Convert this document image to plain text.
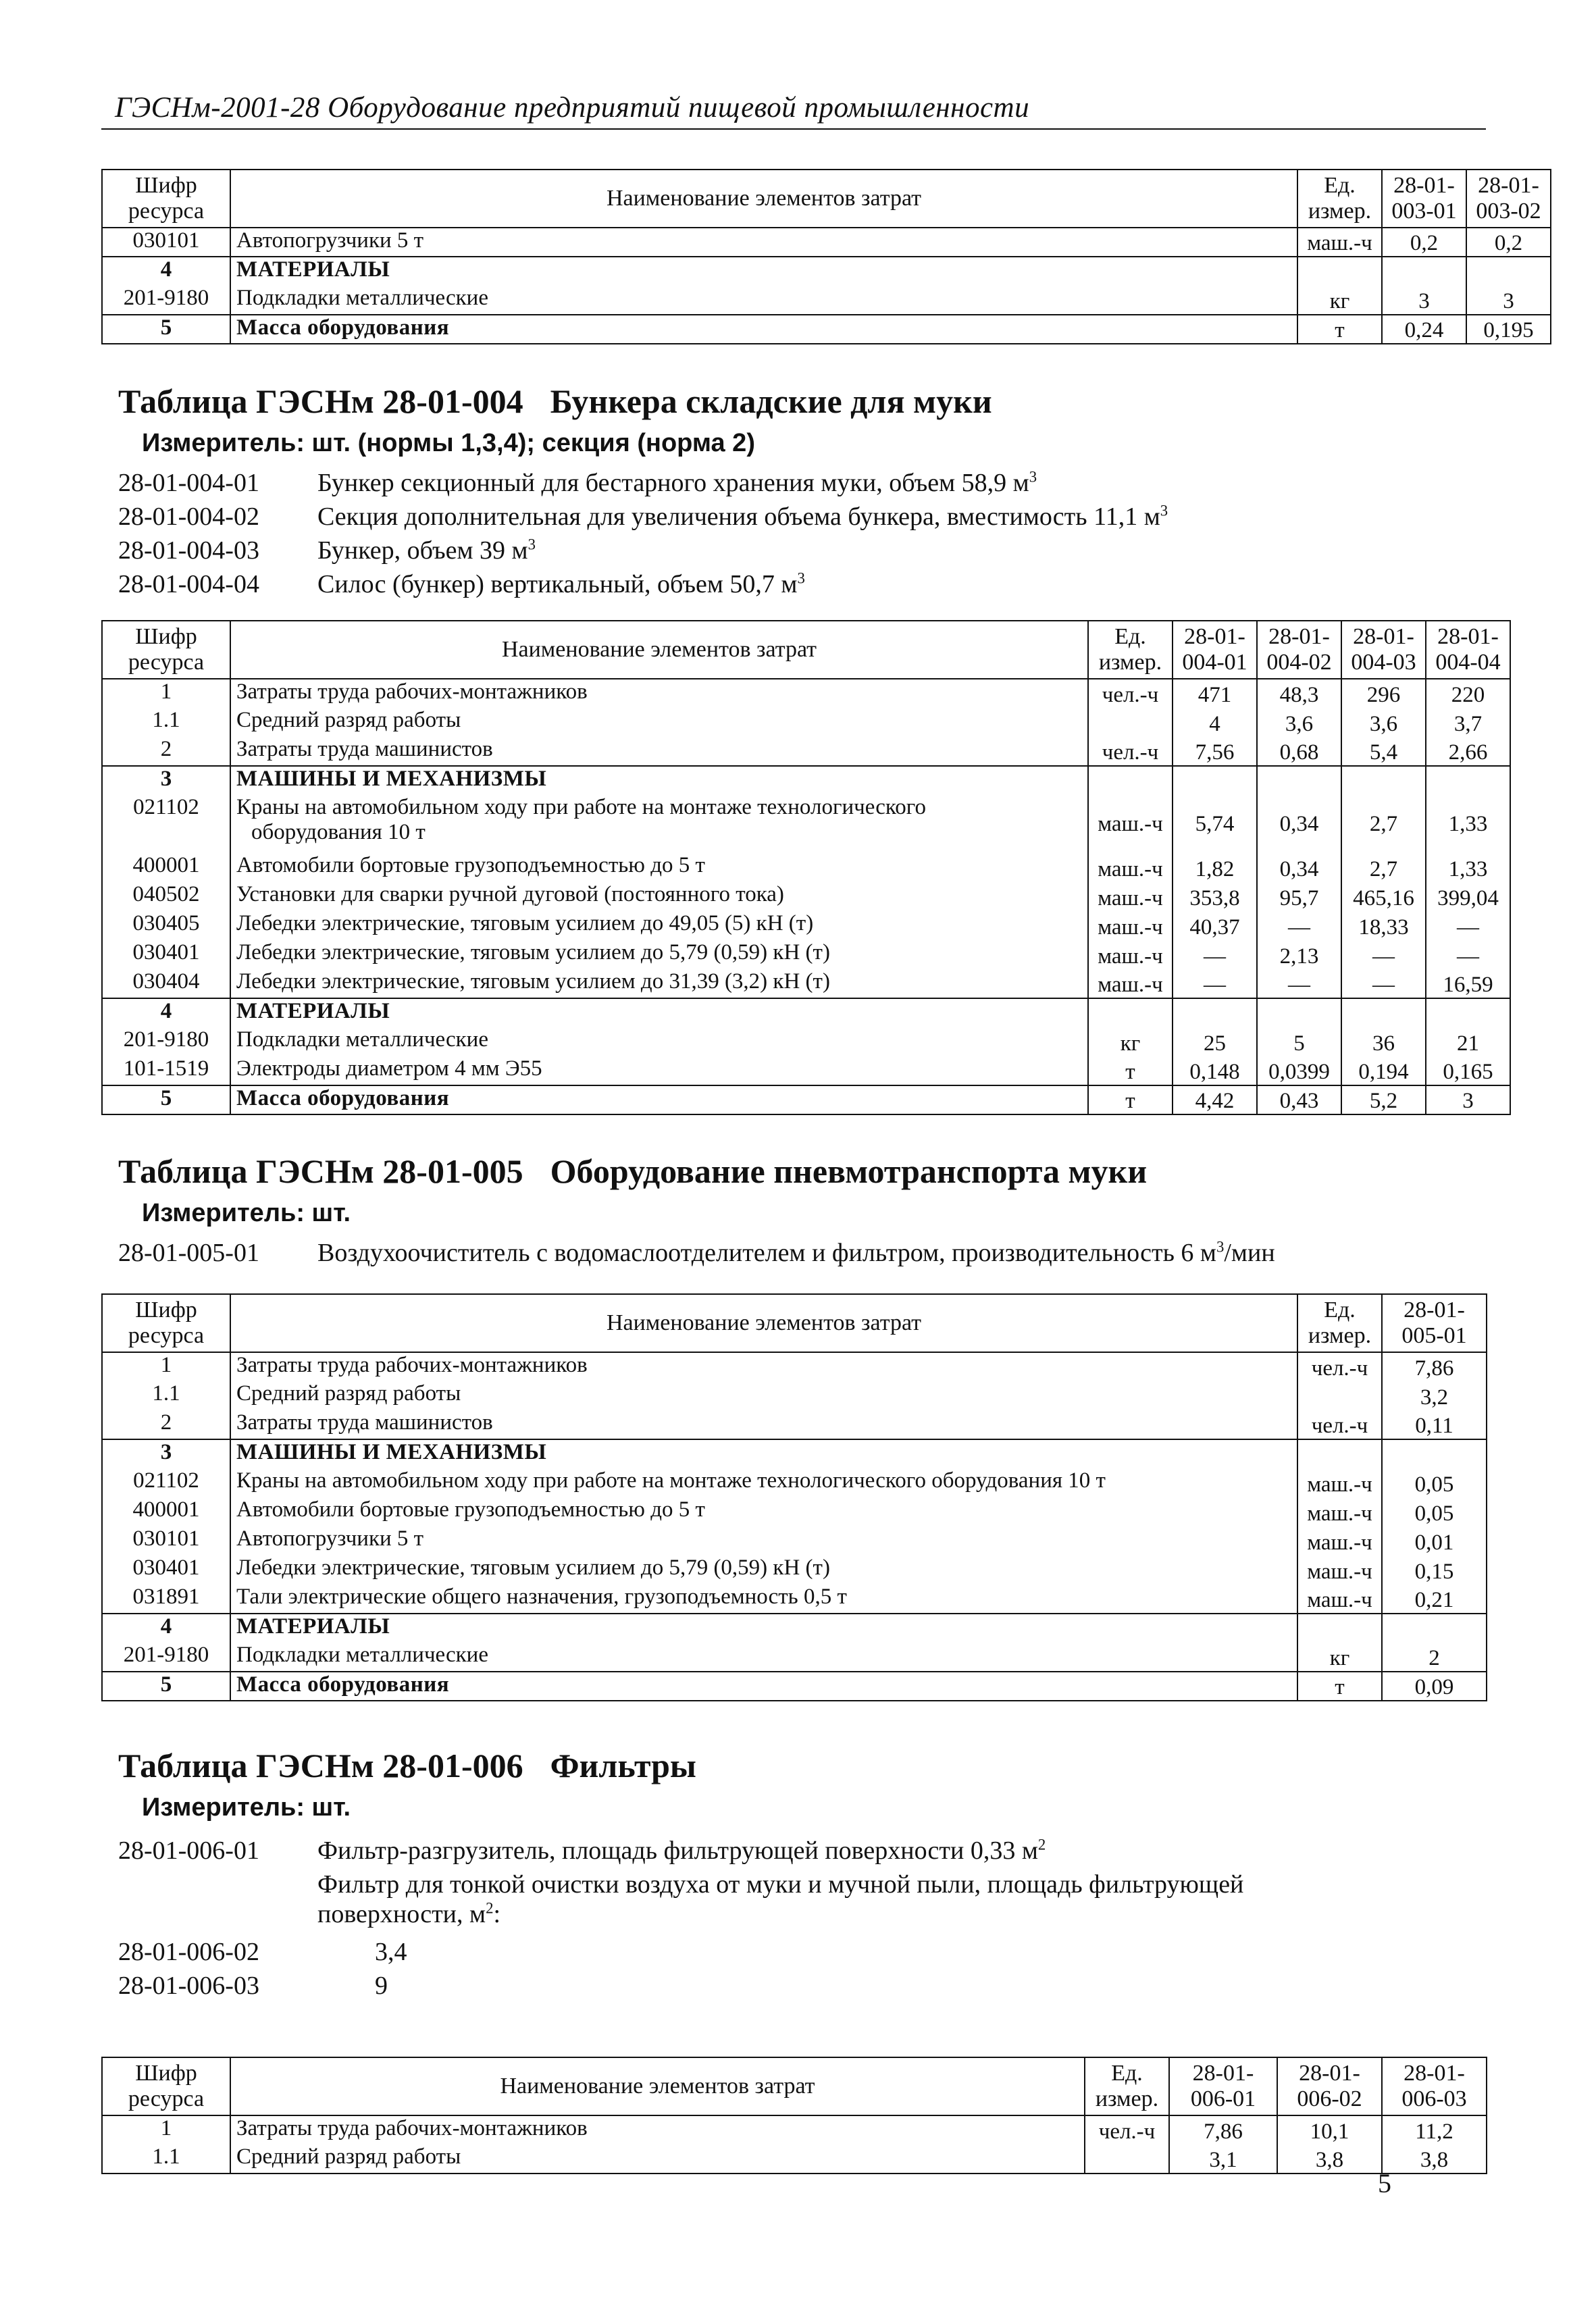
ГЭСНм-2001-28 Оборудование предприятий пищевой промышленности
Шифр	Наименование элементов затрат	Ед.	28-01-	28-01-
ресурса		измер.	003-01	003-02
030101	Автопогрузчики 5 т	маш.-ч	0,2	0,2
4	МАТЕРИАЛЫ			

201-9180	Подкладки металлические	кг	3	3
5	Масса оборудования	т	0,24	0,195
Таблица ГЭСНм 28-01-004 Бункера складские для муки
Измеритель: шт. (нормы 1,3,4); секция (норма 2)
28-01-004-01 Бункер секционный для бестарного хранения муки, объем 58,9 $м^3$
28-01-004-02 Секция дополнительная для увеличения объема бункера, вместимость 11,1 $м^3$
28-01-004-03 Бункер, объем 39 $м^3$
28-01-004-04 Силос (бункер) вертикальный, объем 50,7 $м^3$
Шифр	Наименование элементов затрат	Ед.	28-01-	28-01-	28-01-	28-01-
ресурса		измер.	004-01	004-02	004-03	004-04
1	Затраты труда рабочих-монтажников	чел.-ч	471	48,3	296	220
1.1	Средний разряд работы		4	3,6	3,6	3,7
2	Затраты труда машинистов	чел.-ч	7,56	0,68	5,4	2,66
3	МАШИНЫ И МЕХАНИЗМЫ					

021102	Краны на автомобильном ходу при работе на монтаже технологического
оборудования 10 т	маш.-ч	5,74	0,34	2,7	1,33
400001	Автомобили бортовые грузоподъемностью до 5 т	маш.-ч	1,82	0,34	2,7	1,33
040502	Установки для сварки ручной дуговой (постоянного тока)	маш.-ч	353,8	95,7	465,16	399,04
030405	Лебедки электрические, тяговым усилием до 49,05 (5) кН (т)	маш.-ч	40,37	—	18,33	—
030401	Лебедки электрические, тяговым усилием до 5,79 (0,59) кН (т)	маш.-ч	—	2,13	—	—
030404	Лебедки электрические, тяговым усилием до 31,39 (3,2) кН (т)	маш.-ч	—	—	—	16,59
4	МАТЕРИАЛЫ					

201-9180	Подкладки металлические	кг	25	5	36	21
101-1519	Электроды диаметром 4 мм Э55	т	0,148	0,0399	0,194	0,165
5	Масса оборудования	т	4,42	0,43	5,2	3
Таблица ГЭСНм 28-01-005 Оборудование пневмотранспорта муки
Измеритель: шт.
28-01-005-01 Воздухоочиститель с водомаслоотделителем и фильтром, производительность 6 $м^3$/мин
Шифр	Наименование элементов затрат	Ед.	28-01-
ресурса		измер.	005-01
1	Затраты труда рабочих-монтажников	чел.-ч	7,86
1.1	Средний разряд работы		3,2
2	Затраты труда машинистов	чел.-ч	0,11
3	МАШИНЫ И МЕХАНИЗМЫ		

021102	Краны на автомобильном ходу при работе на монтаже технологического оборудования 10 т	маш.-ч	0,05
400001	Автомобили бортовые грузоподъемностью до 5 т	маш.-ч	0,05
030101	Автопогрузчики 5 т	маш.-ч	0,01
030401	Лебедки электрические, тяговым усилием до 5,79 (0,59) кН (т)	маш.-ч	0,15
031891	Тали электрические общего назначения, грузоподъемность 0,5 т	маш.-ч	0,21
4	МАТЕРИАЛЫ		

201-9180	Подкладки металлические	кг	2
5	Масса оборудования	т	0,09
Таблица ГЭСНм 28-01-006 Фильтры
Измеритель: шт.
28-01-006-01 Фильтр-разгрузитель, площадь фильтрующей поверхности 0,33 $м^2$
Фильтр для тонкой очистки воздуха от муки и мучной пыли, площадь фильтрующей
поверхности, $м^2$:
28-01-006-02	3,4
28-01-006-03	9
Шифр	Наименование элементов затрат	Ед.	28-01-	28-01-	28-01-
ресурса		измер.	006-01	006-02	006-03
1	Затраты труда рабочих-монтажников	чел.-ч	7,86	10,1	11,2
1.1	Средний разряд работы		3,1	3,8	3,8
5
